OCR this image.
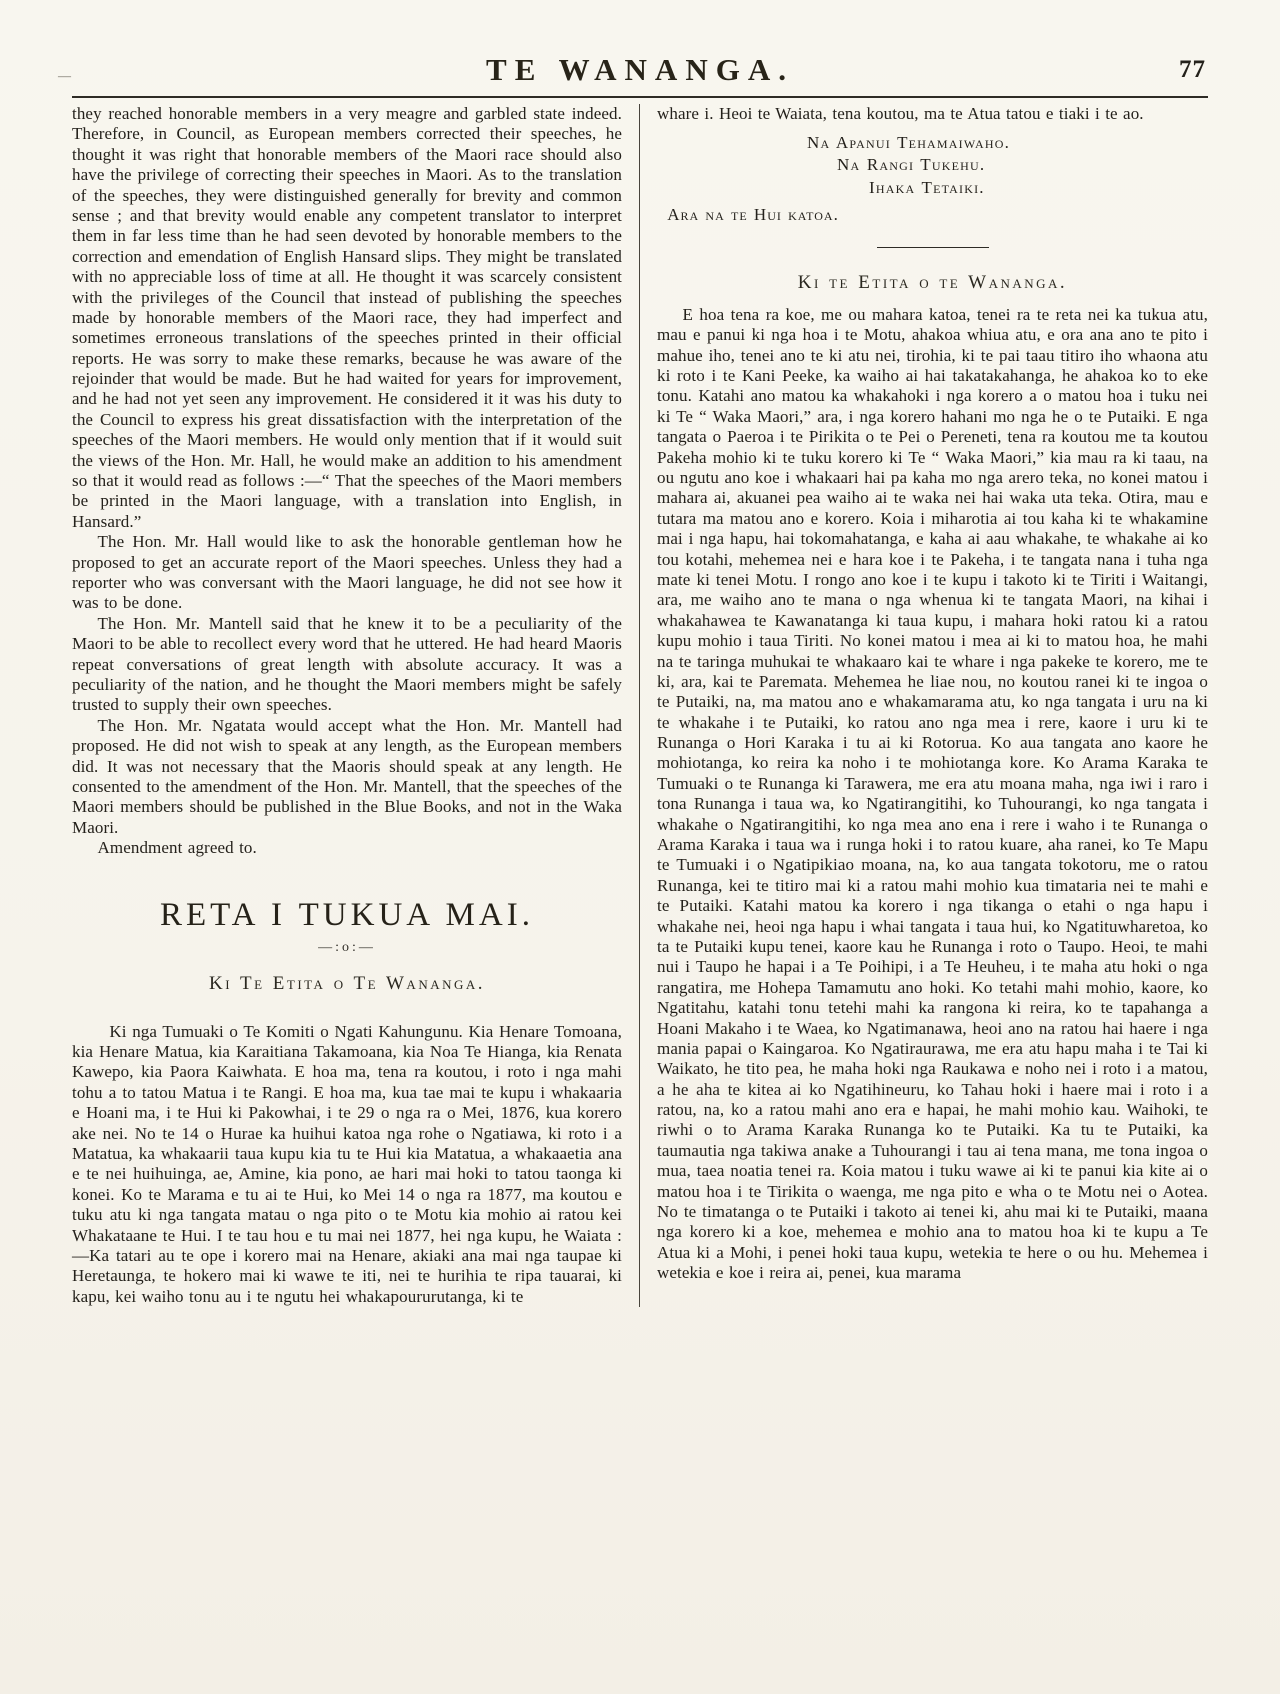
—	TE WANANGA.	77

they reached honorable members in a very meagre and garbled state indeed. Therefore, in Council, as European members corrected their speeches, he thought it was right that honorable members of the Maori race should also have the privilege of correcting their speeches in Maori. As to the translation of the speeches, they were distinguished generally for brevity and common sense ; and that brevity would enable any competent translator to interpret them in far less time than he had seen devoted by honorable members to the correction and emendation of English Hansard slips. They might be translated with no appreciable loss of time at all. He thought it was scarcely consistent with the privileges of the Council that instead of publishing the speeches made by honorable members of the Maori race, they had imperfect and sometimes erroneous translations of the speeches printed in their official reports. He was sorry to make these remarks, because he was aware of the rejoinder that would be made. But he had waited for years for improvement, and he had not yet seen any improvement. He considered it it was his duty to the Council to express his great dissatisfaction with the interpretation of the speeches of the Maori members. He would only mention that if it would suit the views of the Hon. Mr. Hall, he would make an addition to his amendment so that it would read as follows :—“ That the speeches of the Maori members be printed in the Maori language, with a translation into English, in Hansard.”

The Hon. Mr. Hall would like to ask the honorable gentleman how he proposed to get an accurate report of the Maori speeches. Unless they had a reporter who was conversant with the Maori language, he did not see how it was to be done.

The Hon. Mr. Mantell said that he knew it to be a peculiarity of the Maori to be able to recollect every word that he uttered. He had heard Maoris repeat conversations of great length with absolute accuracy. It was a peculiarity of the nation, and he thought the Maori members might be safely trusted to supply their own speeches.

The Hon. Mr. Ngatata would accept what the Hon. Mr. Mantell had proposed. He did not wish to speak at any length, as the European members did. It was not necessary that the Maoris should speak at any length. He consented to the amendment of the Hon. Mr. Mantell, that the speeches of the Maori members should be published in the Blue Books, and not in the Waka Maori.

Amendment agreed to.

RETA I TUKUA MAI.
—:o:—
Ki Te Etita o Te Wananga.

Ki nga Tumuaki o Te Komiti o Ngati Kahungunu. Kia Henare Tomoana, kia Henare Matua, kia Karaitiana Takamoana, kia Noa Te Hianga, kia Renata Kawepo, kia Paora Kaiwhata. E hoa ma, tena ra koutou, i roto i nga mahi tohu a to tatou Matua i te Rangi. E hoa ma, kua tae mai te kupu i whakaaria e Hoani ma, i te Hui ki Pakowhai, i te 29 o nga ra o Mei, 1876, kua korero ake nei. No te 14 o Hurae ka huihui katoa nga rohe o Ngatiawa, ki roto i a Matatua, ka whakaarii taua kupu kia tu te Hui kia Matatua, a whakaaetia ana e te nei huihuinga, ae, Amine, kia pono, ae hari mai hoki to tatou taonga ki konei. Ko te Marama e tu ai te Hui, ko Mei 14 o nga ra 1877, ma koutou e tuku atu ki nga tangata matau o nga pito o te Motu kia mohio ai ratou kei Whakataane te Hui. I te tau hou e tu mai nei 1877, hei nga kupu, he Waiata :—Ka tatari au te ope i korero mai na Henare, akiaki ana mai nga taupae ki Heretaunga, te hokero mai ki wawe te iti, nei te hurihia te ripa tauarai, ki kapu, kei waiho tonu au i te ngutu hei whakapoururutanga, ki te

whare i. Heoi te Waiata, tena koutou, ma te Atua tatou e tiaki i te ao.

Na Apanui Tehamaiwaho.
Na Rangi Tukehu.
Ihaka Tetaiki.

Ara na te Hui katoa.

Ki te Etita o te Wananga.

E hoa tena ra koe, me ou mahara katoa, tenei ra te reta nei ka tukua atu, mau e panui ki nga hoa i te Motu, ahakoa whiua atu, e ora ana ano te pito i mahue iho, tenei ano te ki atu nei, tirohia, ki te pai taau titiro iho whaona atu ki roto i te Kani Peeke, ka waiho ai hai takatakahanga, he ahakoa ko to eke tonu. Katahi ano matou ka whakahoki i nga korero a o matou hoa i tuku nei ki Te “ Waka Maori,” ara, i nga korero hahani mo nga he o te Putaiki. E nga tangata o Paeroa i te Pirikita o te Pei o Pereneti, tena ra koutou me ta koutou Pakeha mohio ki te tuku korero ki Te “ Waka Maori,” kia mau ra ki taau, na ou ngutu ano koe i whakaari hai pa kaha mo nga arero teka, no konei matou i mahara ai, akuanei pea waiho ai te waka nei hai waka uta teka. Otira, mau e tutara ma matou ano e korero. Koia i miharotia ai tou kaha ki te whakamine mai i nga hapu, hai tokomahatanga, e kaha ai aau whakahe, te whakahe ai ko tou kotahi, mehemea nei e hara koe i te Pakeha, i te tangata nana i tuha nga mate ki tenei Motu. I rongo ano koe i te kupu i takoto ki te Tiriti i Waitangi, ara, me waiho ano te mana o nga whenua ki te tangata Maori, na kihai i whakahawea te Kawanatanga ki taua kupu, i mahara hoki ratou ki a ratou kupu mohio i taua Tiriti. No konei matou i mea ai ki to matou hoa, he mahi na te taringa muhukai te whakaaro kai te whare i nga pakeke te korero, me te ki, ara, kai te Paremata. Mehemea he liae nou, no koutou ranei ki te ingoa o te Putaiki, na, ma matou ano e whakamarama atu, ko nga tangata i uru na ki te whakahe i te Putaiki, ko ratou ano nga mea i rere, kaore i uru ki te Runanga o Hori Karaka i tu ai ki Rotorua. Ko aua tangata ano kaore he mohiotanga, ko reira ka noho i te mohiotanga kore. Ko Arama Karaka te Tumuaki o te Runanga ki Tarawera, me era atu moana maha, nga iwi i raro i tona Runanga i taua wa, ko Ngatirangitihi, ko Tuhourangi, ko nga tangata i whakahe o Ngatirangitihi, ko nga mea ano ena i rere i waho i te Runanga o Arama Karaka i taua wa i runga hoki i to ratou kuare, aha ranei, ko Te Mapu te Tumuaki i o Ngatipikiao moana, na, ko aua tangata tokotoru, me o ratou Runanga, kei te titiro mai ki a ratou mahi mohio kua timataria nei te mahi e te Putaiki. Katahi matou ka korero i nga tikanga o etahi o nga hapu i whakahe nei, heoi nga hapu i whai tangata i taua hui, ko Ngatituwharetoa, ko ta te Putaiki kupu tenei, kaore kau he Runanga i roto o Taupo. Heoi, te mahi nui i Taupo he hapai i a Te Poihipi, i a Te Heuheu, i te maha atu hoki o nga rangatira, me Hohepa Tamamutu ano hoki. Ko tetahi mahi mohio, kaore, ko Ngatitahu, katahi tonu tetehi mahi ka rangona ki reira, ko te tapahanga a Hoani Makaho i te Waea, ko Ngatimanawa, heoi ano na ratou hai haere i nga mania papai o Kaingaroa. Ko Ngatiraurawa, me era atu hapu maha i te Tai ki Waikato, he tito pea, he maha hoki nga Raukawa e noho nei i roto i a matou, a he aha te kitea ai ko Ngatihineuru, ko Tahau hoki i haere mai i roto i a ratou, na, ko a ratou mahi ano era e hapai, he mahi mohio kau. Waihoki, te riwhi o to Arama Karaka Runanga ko te Putaiki. Ka tu te Putaiki, ka taumautia nga takiwa anake a Tuhourangi i tau ai tena mana, me tona ingoa o mua, taea noatia tenei ra. Koia matou i tuku wawe ai ki te panui kia kite ai o matou hoa i te Tirikita o waenga, me nga pito e wha o te Motu nei o Aotea. No te timatanga o te Putaiki i takoto ai tenei ki, ahu mai ki te Putaiki, maana nga korero ki a koe, mehemea e mohio ana to matou hoa ki te kupu a Te Atua ki a Mohi, i penei hoki taua kupu, wetekia te here o ou hu. Mehemea i wetekia e koe i reira ai, penei, kua marama
